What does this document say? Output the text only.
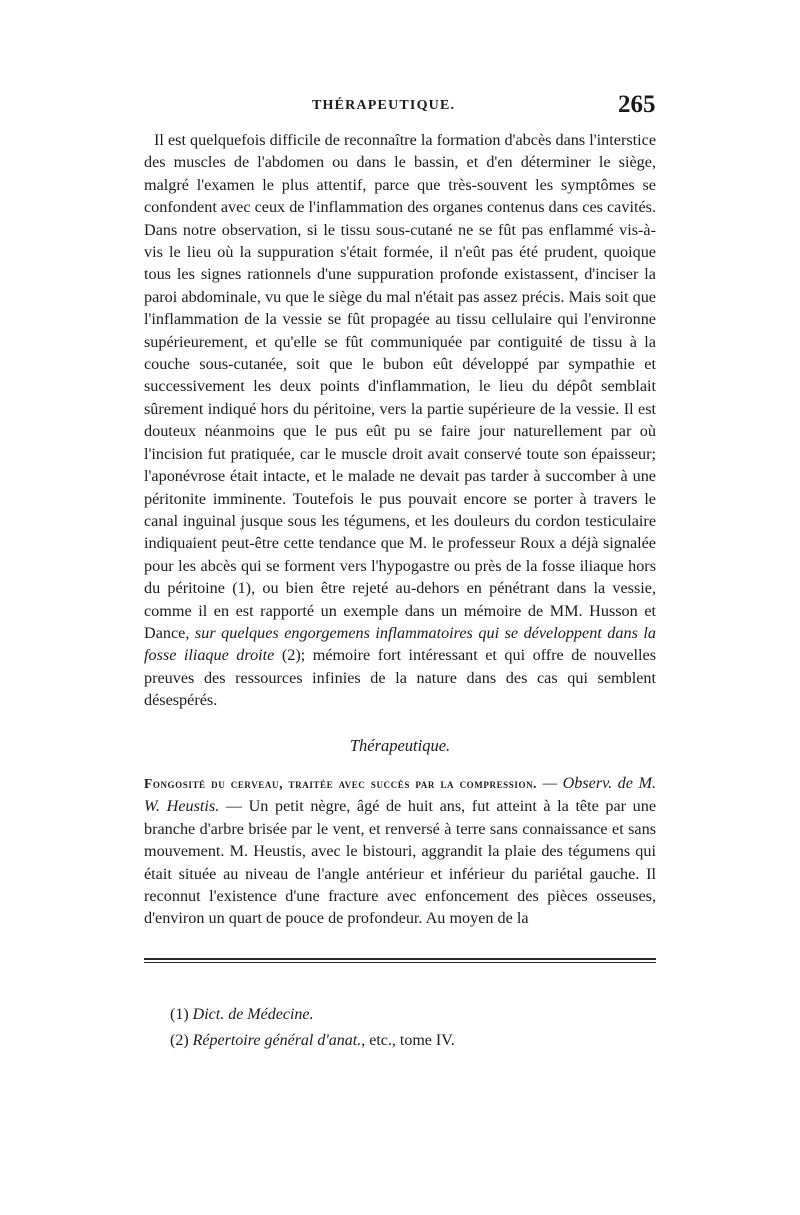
THÉRAPEUTIQUE.	265

Il est quelquefois difficile de reconnaître la formation d'abcès dans l'interstice des muscles de l'abdomen ou dans le bassin, et d'en déterminer le siège, malgré l'examen le plus attentif, parce que très-souvent les symptômes se confondent avec ceux de l'inflammation des organes contenus dans ces cavités. Dans notre observation, si le tissu sous-cutané ne se fût pas enflammé vis-à-vis le lieu où la suppuration s'était formée, il n'eût pas été prudent, quoique tous les signes rationnels d'une suppuration profonde existassent, d'inciser la paroi abdominale, vu que le siège du mal n'était pas assez précis. Mais soit que l'inflammation de la vessie se fût propagée au tissu cellulaire qui l'environne supérieurement, et qu'elle se fût communiquée par contiguité de tissu à la couche sous-cutanée, soit que le bubon eût développé par sympathie et successivement les deux points d'inflammation, le lieu du dépôt semblait sûrement indiqué hors du péritoine, vers la partie supérieure de la vessie. Il est douteux néanmoins que le pus eût pu se faire jour naturellement par où l'incision fut pratiquée, car le muscle droit avait conservé toute son épaisseur; l'aponévrose était intacte, et le malade ne devait pas tarder à succomber à une péritonite imminente. Toutefois le pus pouvait encore se porter à travers le canal inguinal jusque sous les tégumens, et les douleurs du cordon testiculaire indiquaient peut-être cette tendance que M. le professeur Roux a déjà signalée pour les abcès qui se forment vers l'hypogastre ou près de la fosse iliaque hors du péritoine (1), ou bien être rejeté au-dehors en pénétrant dans la vessie, comme il en est rapporté un exemple dans un mémoire de MM. Husson et Dance, sur quelques engorgemens inflammatoires qui se développent dans la fosse iliaque droite (2); mémoire fort intéressant et qui offre de nouvelles preuves des ressources infinies de la nature dans des cas qui semblent désespérés.

Thérapeutique.
Fongosité du cerveau, traitée avec succès par la compression. — Observ. de M. W. Heustis. — Un petit nègre, âgé de huit ans, fut atteint à la tête par une branche d'arbre brisée par le vent, et renversé à terre sans connaissance et sans mouvement. M. Heustis, avec le bistouri, aggrandit la plaie des tégumens qui était située au niveau de l'angle antérieur et inférieur du pariétal gauche. Il reconnut l'existence d'une fracture avec enfoncement des pièces osseuses, d'environ un quart de pouce de profondeur. Au moyen de la
(1) Dict. de Médecine.
(2) Répertoire général d'anat., etc., tome IV.
